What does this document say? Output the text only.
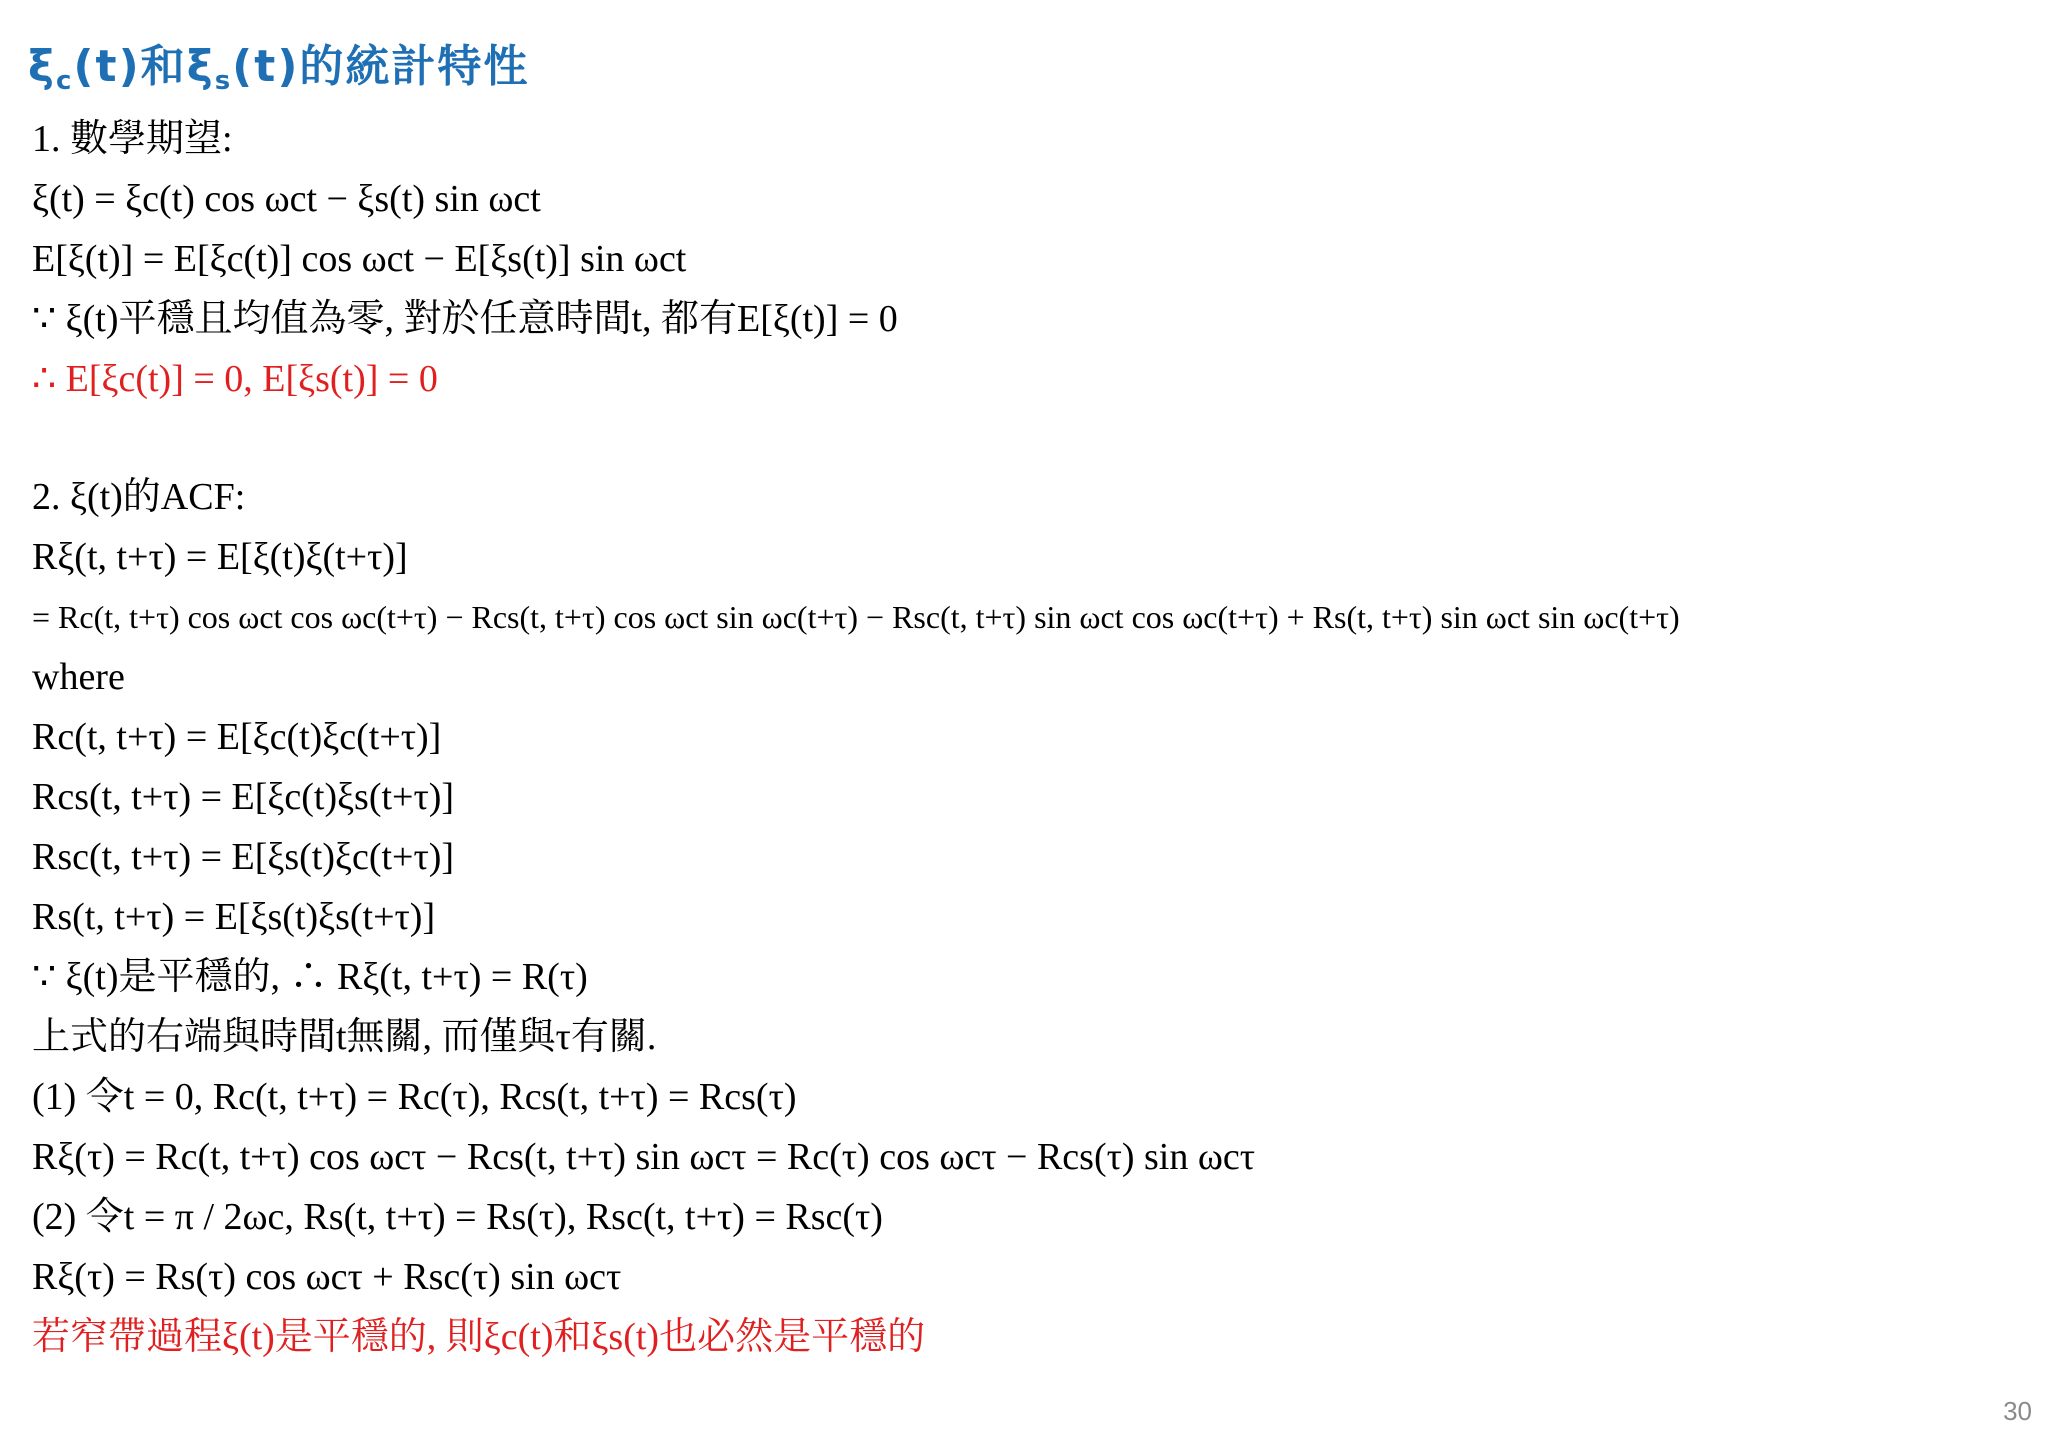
$\xi_c(t)$和$\xi_s(t)$的統計特性
1. 數學期望:
ξ(t) = ξc(t) cos ωct − ξs(t) sin ωct
E[ξ(t)] = E[ξc(t)] cos ωct − E[ξs(t)] sin ωct
∵ ξ(t)平穩且均值為零, 對於任意時間t, 都有E[ξ(t)] = 0
∴ E[ξc(t)] = 0, E[ξs(t)] = 0
2. ξ(t)的ACF:
Rξ(t, t+τ) = E[ξ(t)ξ(t+τ)]
= Rc(t, t+τ) cos ωct cos ωc(t+τ) − Rcs(t, t+τ) cos ωct sin ωc(t+τ) − Rsc(t, t+τ) sin ωct cos ωc(t+τ) + Rs(t, t+τ) sin ωct sin ωc(t+τ)
where
Rc(t, t+τ) = E[ξc(t)ξc(t+τ)]
Rcs(t, t+τ) = E[ξc(t)ξs(t+τ)]
Rsc(t, t+τ) = E[ξs(t)ξc(t+τ)]
Rs(t, t+τ) = E[ξs(t)ξs(t+τ)]
∵ ξ(t)是平穩的, ∴ Rξ(t, t+τ) = R(τ)
上式的右端與時間t無關, 而僅與τ有關.
(1) 令t = 0, Rc(t, t+τ) = Rc(τ), Rcs(t, t+τ) = Rcs(τ)
Rξ(τ) = Rc(t, t+τ) cos ωcτ − Rcs(t, t+τ) sin ωcτ = Rc(τ) cos ωcτ − Rcs(τ) sin ωcτ
(2) 令t = π / 2ωc, Rs(t, t+τ) = Rs(τ), Rsc(t, t+τ) = Rsc(τ)
Rξ(τ) = Rs(τ) cos ωcτ + Rsc(τ) sin ωcτ
若窄帶過程ξ(t)是平穩的, 則ξc(t)和ξs(t)也必然是平穩的
30
